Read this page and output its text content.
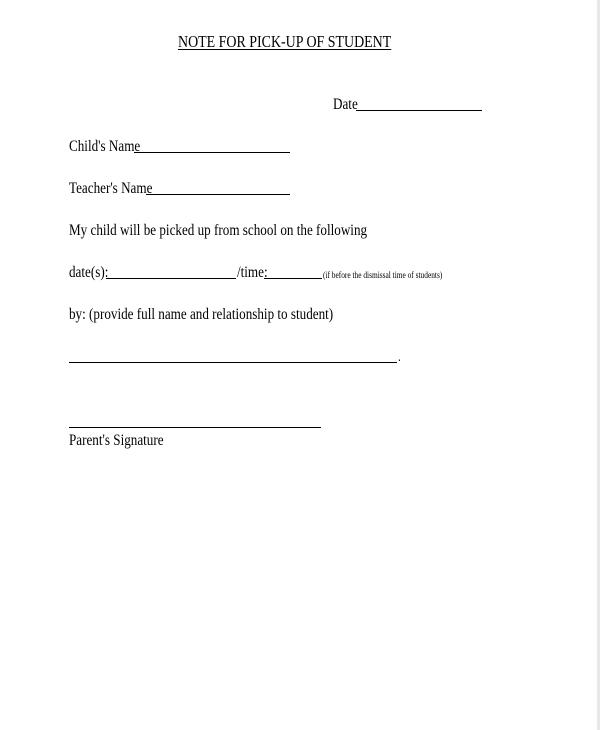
NOTE FOR PICK-UP OF STUDENT
Date
Child's Name
Teacher's Name
My child will be picked up from school on the following
date(s):	/time:	(if before the dismissal time of students)
by: (provide full name and relationship to student)
.
Parent's Signature
